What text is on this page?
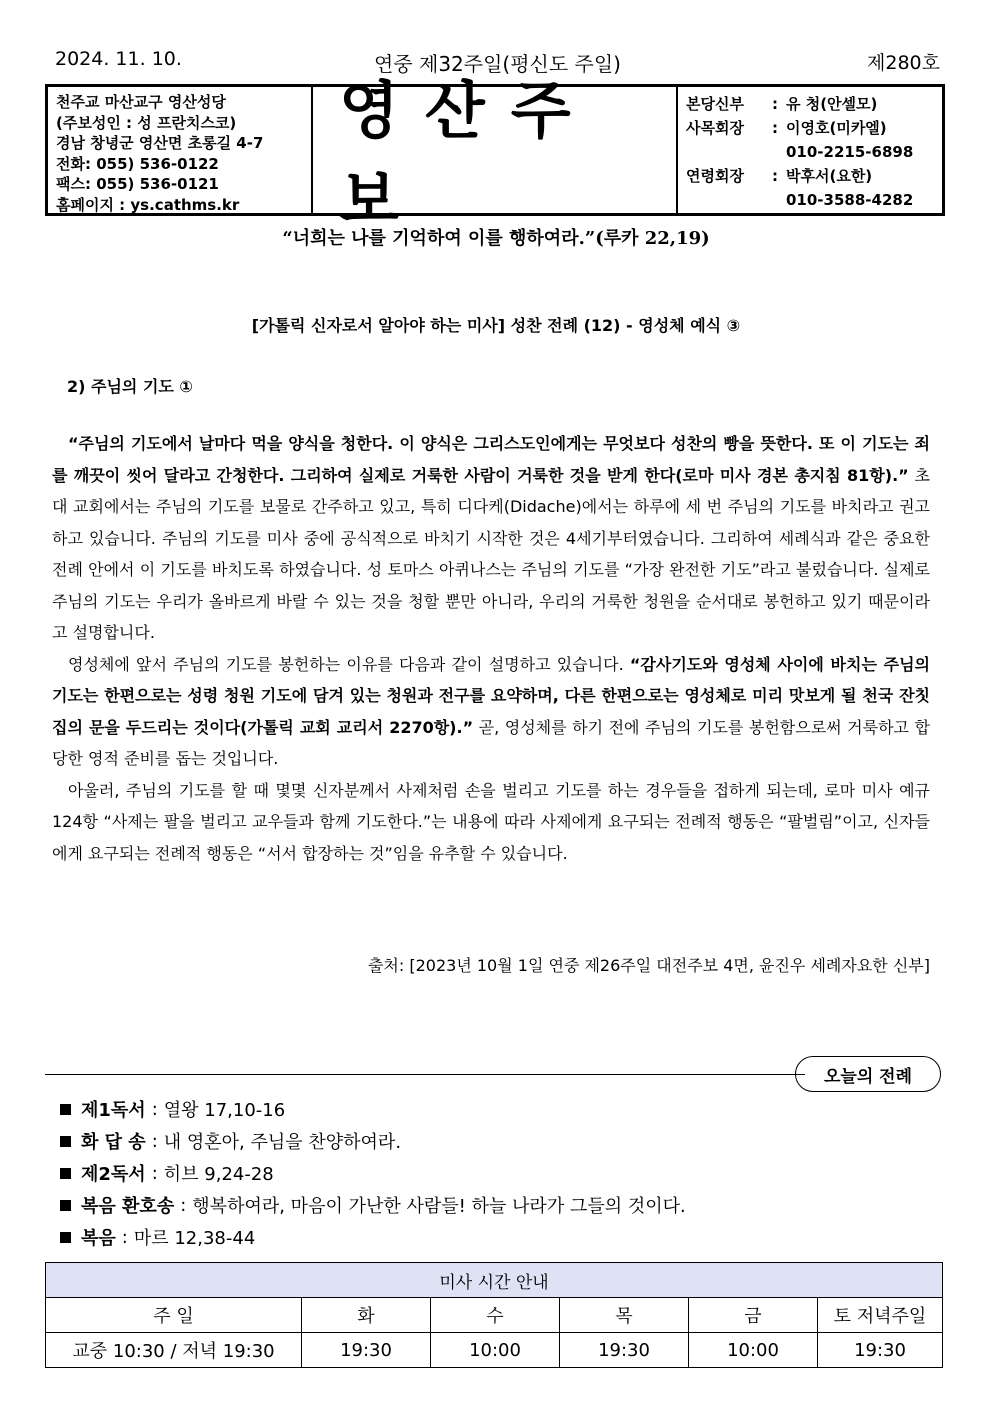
2024. 11. 10.	연중 제32주일(평신도 주일)	제280호
천주교 마산교구 영산성당
(주보성인 : 성 프란치스코)
경남 창녕군 영산면 초롱길 4-7
전화: 055) 536-0122
팩스: 055) 536-0121
홈페이지 : ys.cathms.kr
영산주보
본당신부	: 유 청(안셀모)
사목회장	: 이영호(미카엘)
010-2215-6898
연령회장	: 박후서(요한)
010-3588-4282
“너희는 나를 기억하여 이를 행하여라.”(루카 22,19)
[가톨릭 신자로서 알아야 하는 미사] 성찬 전례 (12) - 영성체 예식 ③
2) 주님의 기도 ①

“주님의 기도에서 날마다 먹을 양식을 청한다. 이 양식은 그리스도인에게는 무엇보다 성찬의 빵을 뜻한다. 또 이 기도는 죄를 깨끗이 씻어 달라고 간청한다. 그리하여 실제로 거룩한 사람이 거룩한 것을 받게 한다(로마 미사 경본 총지침 81항).” 초대 교회에서는 주님의 기도를 보물로 간주하고 있고, 특히 디다케(Didache)에서는 하루에 세 번 주님의 기도를 바치라고 권고하고 있습니다. 주님의 기도를 미사 중에 공식적으로 바치기 시작한 것은 4세기부터였습니다. 그리하여 세례식과 같은 중요한 전례 안에서 이 기도를 바치도록 하였습니다. 성 토마스 아퀴나스는 주님의 기도를 “가장 완전한 기도”라고 불렀습니다. 실제로 주님의 기도는 우리가 올바르게 바랄 수 있는 것을 청할 뿐만 아니라, 우리의 거룩한 청원을 순서대로 봉헌하고 있기 때문이라고 설명합니다.

영성체에 앞서 주님의 기도를 봉헌하는 이유를 다음과 같이 설명하고 있습니다. “감사기도와 영성체 사이에 바치는 주님의 기도는 한편으로는 성령 청원 기도에 담겨 있는 청원과 전구를 요약하며, 다른 한편으로는 영성체로 미리 맛보게 될 천국 잔칫집의 문을 두드리는 것이다(가톨릭 교회 교리서 2270항).” 곧, 영성체를 하기 전에 주님의 기도를 봉헌함으로써 거룩하고 합당한 영적 준비를 돕는 것입니다.

아울러, 주님의 기도를 할 때 몇몇 신자분께서 사제처럼 손을 벌리고 기도를 하는 경우들을 접하게 되는데, 로마 미사 예규 124항 “사제는 팔을 벌리고 교우들과 함께 기도한다.”는 내용에 따라 사제에게 요구되는 전례적 행동은 “팔벌림”이고, 신자들에게 요구되는 전례적 행동은 “서서 합장하는 것”임을 유추할 수 있습니다.

출처: [2023년 10월 1일 연중 제26주일 대전주보 4면, 윤진우 세례자요한 신부]
오늘의 전례
제1독서 : 열왕 17,10-16
화 답 송 : 내 영혼아, 주님을 찬양하여라.
제2독서 : 히브 9,24-28
복음 환호송 : 행복하여라, 마음이 가난한 사람들! 하늘 나라가 그들의 것이다.
복음 : 마르 12,38-44
미사 시간 안내					
주 일	화	수	목	금	토 저녁주일
교중 10:30 / 저녁 19:30	19:30	10:00	19:30	10:00	19:30
